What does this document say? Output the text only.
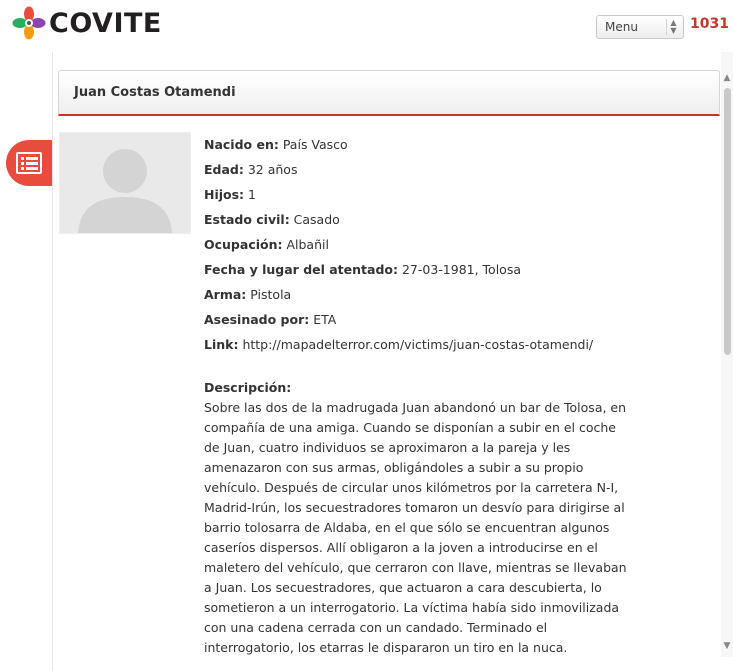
COVITE	Menu	▲
▼ 1031
Juan Costas Otamendi
Nacido en: País Vasco
Edad: 32 años
Hijos: 1
Estado civil: Casado
Ocupación: Albañil
Fecha y lugar del atentado: 27-03-1981, Tolosa
Arma: Pistola
Asesinado por: ETA
Link: http://mapadelterror.com/victims/juan-costas-otamendi/
Descripción:
Sobre las dos de la madrugada Juan abandonó un bar de Tolosa, en compañía de una amiga. Cuando se disponían a subir en el coche de Juan, cuatro individuos se aproximaron a la pareja y les amenazaron con sus armas, obligándoles a subir a su propio vehículo. Después de circular unos kilómetros por la carretera N-I, Madrid-Irún, los secuestradores tomaron un desvío para dirigirse al barrio tolosarra de Aldaba, en el que sólo se encuentran algunos caseríos dispersos. Allí obligaron a la joven a introducirse en el maletero del vehículo, que cerraron con llave, mientras se llevaban a Juan. Los secuestradores, que actuaron a cara descubierta, lo sometieron a un interrogatorio. La víctima había sido inmovilizada con una cadena cerrada con un candado. Terminado el interrogatorio, los etarras le dispararon un tiro en la nuca.
▲
▼
